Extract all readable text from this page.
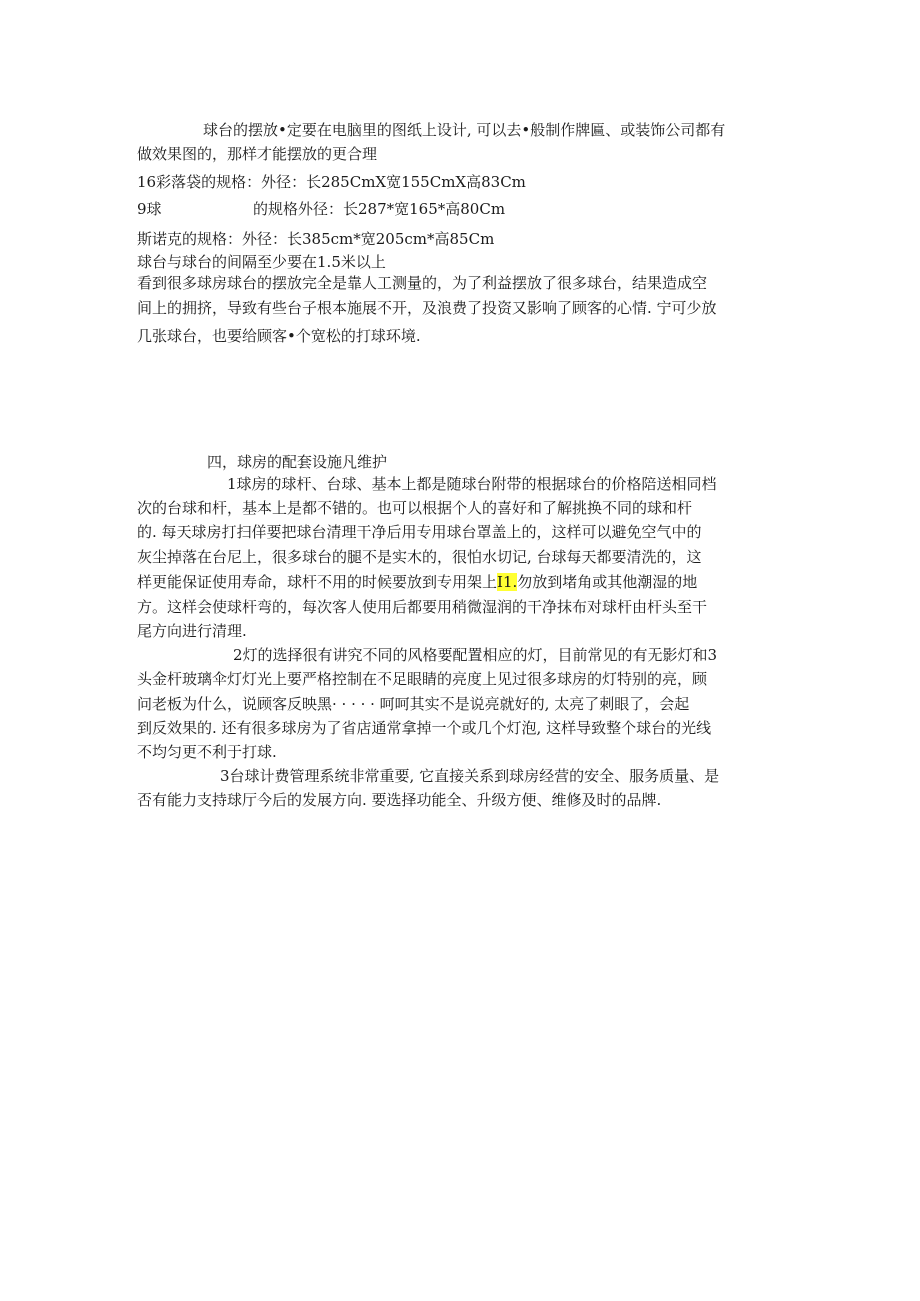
球台的摆放•定要在电脑里的图纸上设计, 可以去•般制作牌匾、或装饰公司都有
做效果图的，那样才能摆放的更合理
16彩落袋的规格：外径：长285CmX宽155CmX高83Cm
9球	的规格外径：长287*宽165*高80Cm
斯诺克的规格：外径：长385cm*宽205cm*高85Cm
球台与球台的间隔至少要在1.5米以上
看到很多球房球台的摆放完全是靠人工测量的，为了利益摆放了很多球台，结果造成空
间上的拥挤，导致有些台子根本施展不开，及浪费了投资又影响了顾客的心情. 宁可少放
几张球台，也要给顾客•个宽松的打球环境.
四，球房的配套设施凡维护
1球房的球杆、台球、基本上都是随球台附带的根据球台的价格陪送相同档
次的台球和杆，基本上是都不错的。也可以根据个人的喜好和了解挑换不同的球和杆
的. 每天球房打扫佯要把球台清理干净后用专用球台罩盖上的，这样可以避免空气中的
灰尘掉落在台尼上，很多球台的腿不是实木的，很怕水切记, 台球每天都要清洗的，这
样更能保证使用寿命，球杆不用的时候要放到专用架上I1.勿放到堵角或其他潮湿的地
方。这样会使球杆弯的，每次客人使用后都要用稍微湿润的干净抹布对球杆由杆头至干
尾方向进行清理.
2灯的选择很有讲究不同的风格要配置相应的灯，目前常见的有无影灯和3
头金杆玻璃伞灯灯光上要严格控制在不足眼睛的亮度上见过很多球房的灯特别的亮，顾
问老板为什么，说顾客反映黑· · · · · 呵呵其实不是说亮就好的, 太亮了刺眼了，会起
到反效果的. 还有很多球房为了省店通常拿掉一个或几个灯泡, 这样导致整个球台的光线
不均匀更不利于打球.
3台球计费管理系统非常重要, 它直接关系到球房经营的安全、服务质量、是
否有能力支持球厅今后的发展方向. 要选择功能全、升级方便、维修及时的品牌.
